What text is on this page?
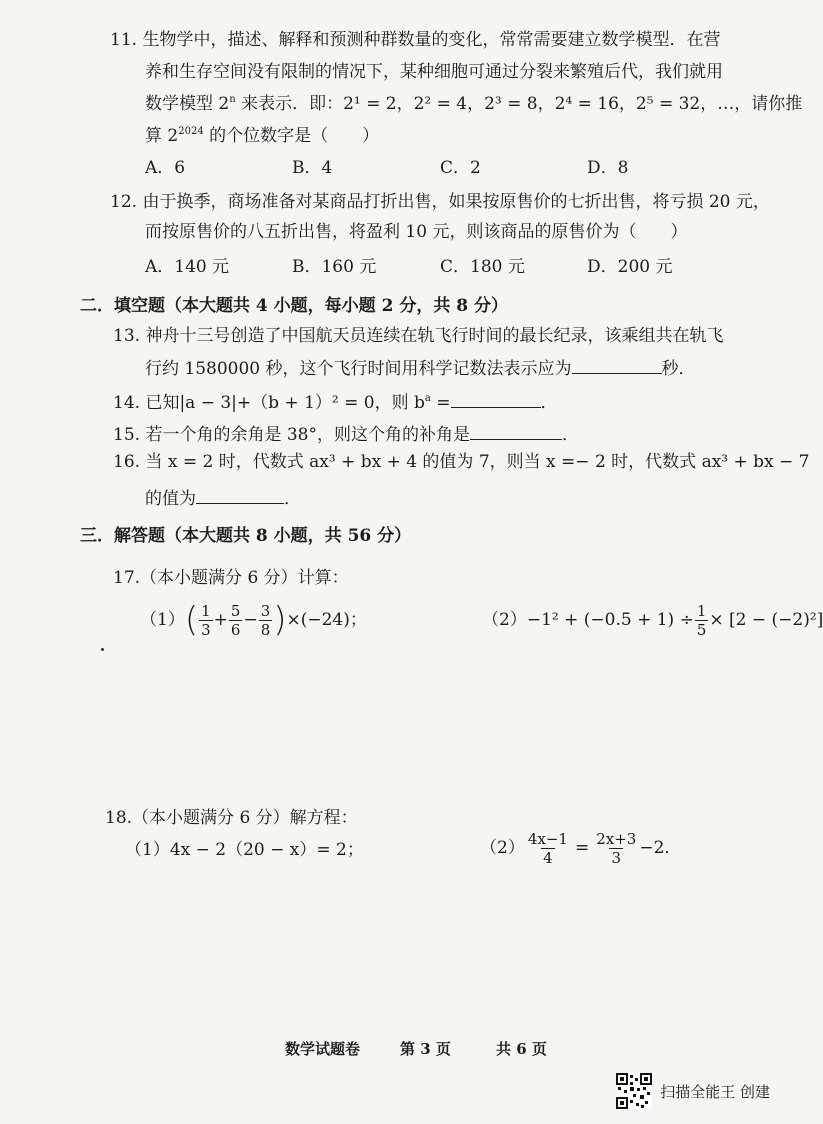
11. 生物学中，描述、解释和预测种群数量的变化，常常需要建立数学模型．在营
养和生存空间没有限制的情况下，某种细胞可通过分裂来繁殖后代，我们就用
数学模型 2$^n$ 来表示．即：2¹ = 2，2² = 4，2³ = 8，2⁴ = 16，2⁵ = 32，…，请你推
算 $2^{2024}$ 的个位数字是（　　）
A．6	B．4	C．2	D．8
12. 由于换季，商场准备对某商品打折出售，如果按原售价的七折出售，将亏损 20 元，
而按原售价的八五折出售，将盈利 10 元，则该商品的原售价为（　　）
A．140 元	B．160 元	C．180 元	D．200 元
二．填空题（本大题共 4 小题，每小题 2 分，共 8 分）
13. 神舟十三号创造了中国航天员连续在轨飞行时间的最长纪录，该乘组共在轨飞
行约 1580000 秒，这个飞行时间用科学记数法表示应为	秒．
14. 已知|a − 3|+（b + 1）² = 0，则 $b^a$ =	．
15. 若一个角的余角是 38°，则这个角的补角是	．
16. 当 x = 2 时，代数式 ax³ + bx + 4 的值为 7，则当 x =− 2 时，代数式 ax³ + bx − 7
的值为	．
三．解答题（本大题共 8 小题，共 56 分）
17.（本小题满分 6 分）计算：
（1） ( $\frac{1}{3} + \frac{5}{6} - \frac{3}{8}$ ) ×(−24)；	$(2) -1^2 + (-0.5 + 1) \div \frac{1}{5} \times [2 - (-2)^2]$
18.（本小题满分 6 分）解方程：
（1）4x − 2（20 − x）= 2；	$(2) \frac{4x-1}{4} = \frac{2x+3}{3} -2$．
数学试题卷	第 3 页	共 6 页
扫描全能王 创建
